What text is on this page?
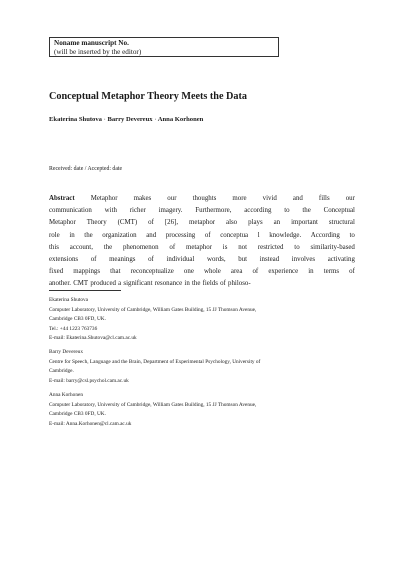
Noname manuscript No.
(will be inserted by the editor)
Conceptual Metaphor Theory Meets the Data
Ekaterina Shutova · Barry Devereux · Anna Korhonen
Received: date / Accepted: date
Abstract Metaphor makes our thoughts more vivid and fills our
communication with richer imagery. Furthermore, according to the Conceptual
Metaphor Theory (CMT) of [26], metaphor also plays an important structural
role in the organization and processing of conceptua l knowledge. According to
this account, the phenomenon of metaphor is not restricted to similarity-based
extensions of meanings of individual words, but instead involves activating
fixed mappings that reconceptualize one whole area of experience in terms of
another. CMT produced a significant resonance in the fields of philoso-
Ekaterina Shutova
Computer Laboratory, University of Cambridge, William Gates Building, 15 JJ Thomson Avenue,
Cambridge CB3 0FD, UK.
Tel.: +44 1223 763736
E-mail: Ekaterina.Shutova@cl.cam.ac.uk
Barry Devereux
Centre for Speech, Language and the Brain, Department of Experimental Psychology, University of
Cambridge.
E-mail: barry@csl.psychol.cam.ac.uk
Anna Korhonen
Computer Laboratory, University of Cambridge, William Gates Building, 15 JJ Thomson Avenue,
Cambridge CB3 0FD, UK.
E-mail: Anna.Korhonen@cl.cam.ac.uk
